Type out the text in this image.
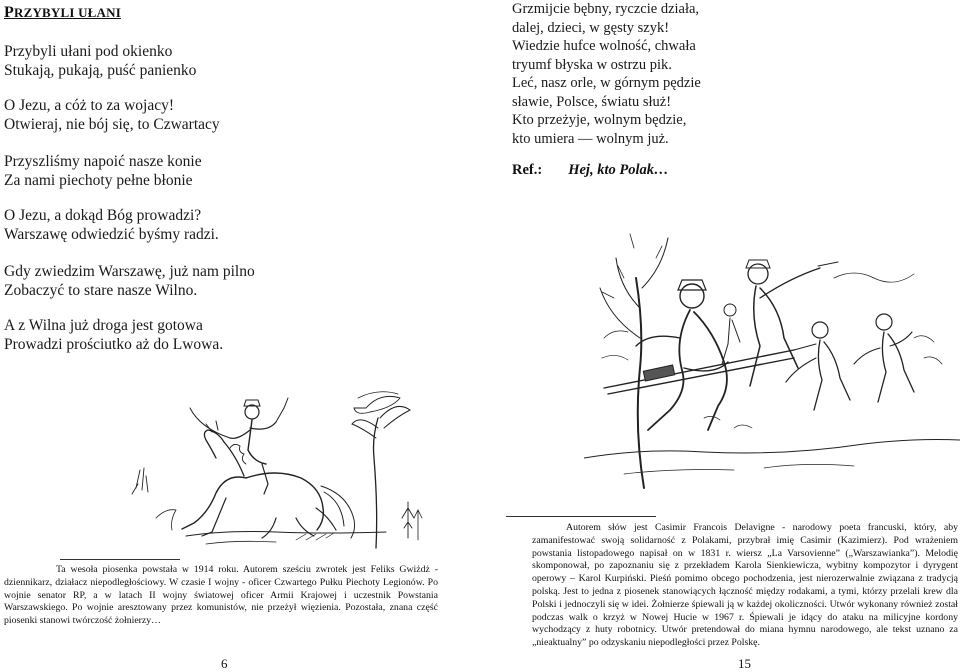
PRZYBYLI UŁANI
Przybyli ułani pod okienko
Stukają, pukają, puść panienko
O Jezu, a cóż to za wojacy!
Otwieraj, nie bój się, to Czwartacy
Przyszliśmy napoić nasze konie
Za nami piechoty pełne błonie
O Jezu, a dokąd Bóg prowadzi?
Warszawę odwiedzić byśmy radzi.
Gdy zwiedzim Warszawę, już nam pilno
Zobaczyć to stare nasze Wilno.
A z Wilna już droga jest gotowa
Prowadzi prościutko aż do Lwowa.
Ta wesoła piosenka powstała w 1914 roku. Autorem sześciu zwrotek jest Feliks Gwiżdż - dziennikarz, działacz niepodległościowy. W czasie I wojny - oficer Czwartego Pułku Piechoty Legionów. Po wojnie senator RP, a w latach II wojny światowej oficer Armii Krajowej i uczestnik Powstania Warszawskiego. Po wojnie aresztowany przez komunistów, nie przeżył więzienia. Pozostała, znana część piosenki stanowi twórczość żołnierzy…
6
Grzmijcie bębny, ryczcie działa,
dalej, dzieci, w gęsty szyk!
Wiedzie hufce wolność, chwała
tryumf błyska w ostrzu pik.
Leć, nasz orle, w górnym pędzie
sławie, Polsce, światu służ!
Kto przeżyje, wolnym będzie,
kto umiera — wolnym już.
Ref.: Hej, kto Polak…
Autorem słów jest Casimir Francois Delavigne - narodowy poeta francuski, który, aby zamanifestować swoją solidarność z Polakami, przybrał imię Casimir (Kazimierz). Pod wrażeniem powstania listopadowego napisał on w 1831 r. wiersz „La Varsovienne” („Warszawianka”). Melodię skomponował, po zapoznaniu się z przekładem Karola Sienkiewicza, wybitny kompozytor i dyrygent operowy – Karol Kurpiński. Pieśń pomimo obcego pochodzenia, jest nierozerwalnie związana z tradycją polską. Jest to jedna z piosenek stanowiących łączność między rodakami, a tymi, którzy przelali krew dla Polski i jednoczyli się w idei. Żołnierze śpiewali ją w każdej okoliczności. Utwór wykonany również został podczas walk o krzyż w Nowej Hucie w 1967 r. Śpiewali je idący do ataku na milicyjne kordony wychodzący z huty robotnicy. Utwór pretendował do miana hymnu narodowego, ale tekst uznano za „nieaktualny” po odzyskaniu niepodległości przez Polskę.
15
